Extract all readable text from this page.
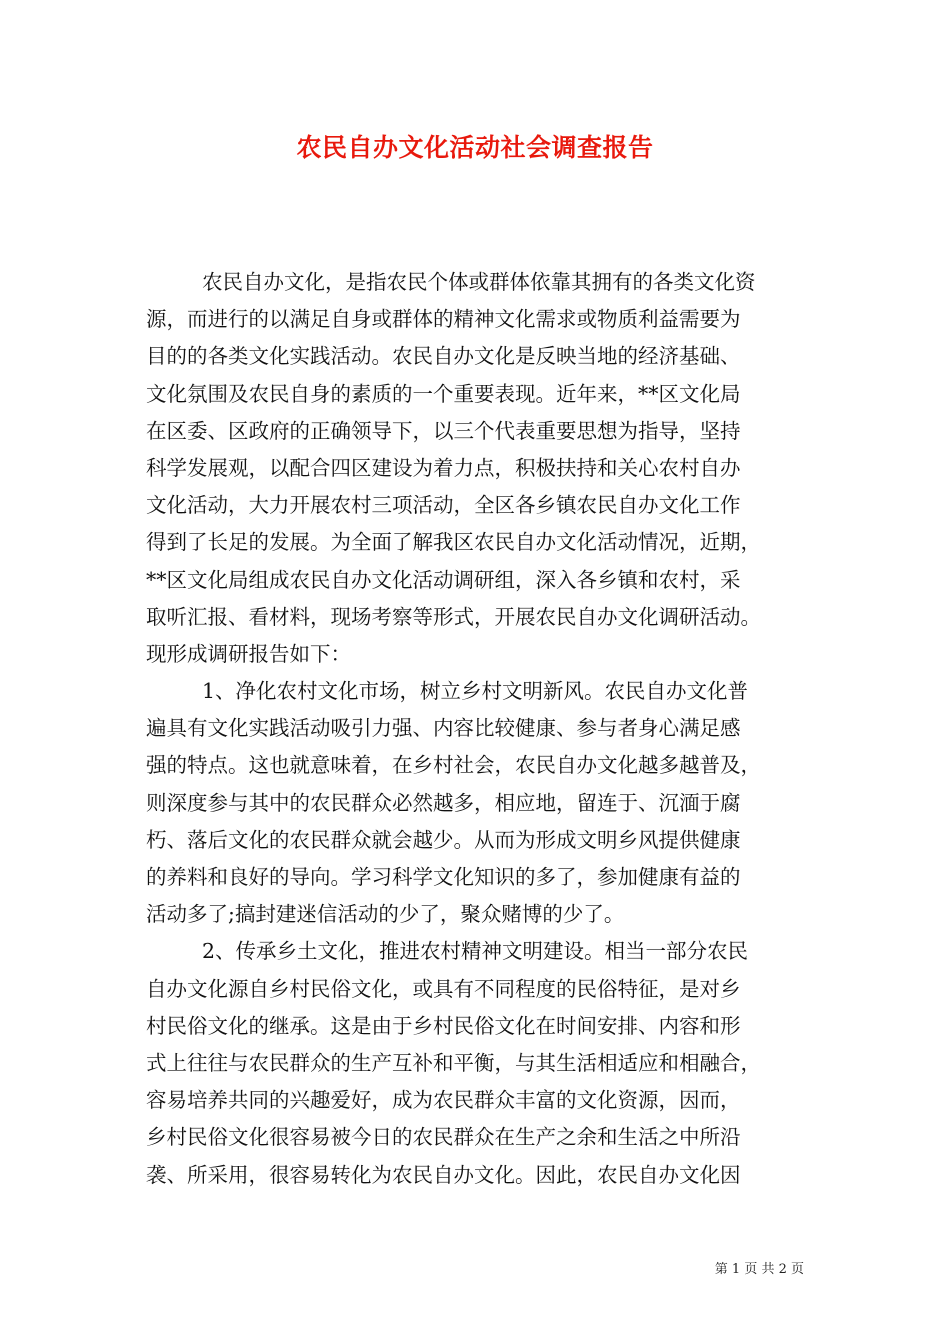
农民自办文化活动社会调查报告
农民自办文化，是指农民个体或群体依靠其拥有的各类文化资
源，而进行的以满足自身或群体的精神文化需求或物质利益需要为
目的的各类文化实践活动。农民自办文化是反映当地的经济基础、
文化氛围及农民自身的素质的一个重要表现。近年来，**区文化局
在区委、区政府的正确领导下，以三个代表重要思想为指导，坚持
科学发展观，以配合四区建设为着力点，积极扶持和关心农村自办
文化活动，大力开展农村三项活动，全区各乡镇农民自办文化工作
得到了长足的发展。为全面了解我区农民自办文化活动情况，近期，
**区文化局组成农民自办文化活动调研组，深入各乡镇和农村，采
取听汇报、看材料，现场考察等形式，开展农民自办文化调研活动。
现形成调研报告如下：
1、净化农村文化市场，树立乡村文明新风。农民自办文化普
遍具有文化实践活动吸引力强、内容比较健康、参与者身心满足感
强的特点。这也就意味着，在乡村社会，农民自办文化越多越普及，
则深度参与其中的农民群众必然越多，相应地，留连于、沉湎于腐
朽、落后文化的农民群众就会越少。从而为形成文明乡风提供健康
的养料和良好的导向。学习科学文化知识的多了，参加健康有益的
活动多了;搞封建迷信活动的少了，聚众赌博的少了。
2、传承乡土文化，推进农村精神文明建设。相当一部分农民
自办文化源自乡村民俗文化，或具有不同程度的民俗特征，是对乡
村民俗文化的继承。这是由于乡村民俗文化在时间安排、内容和形
式上往往与农民群众的生产互补和平衡，与其生活相适应和相融合，
容易培养共同的兴趣爱好，成为农民群众丰富的文化资源，因而，
乡村民俗文化很容易被今日的农民群众在生产之余和生活之中所沿
袭、所采用，很容易转化为农民自办文化。因此，农民自办文化因
第 1 页 共 2 页
